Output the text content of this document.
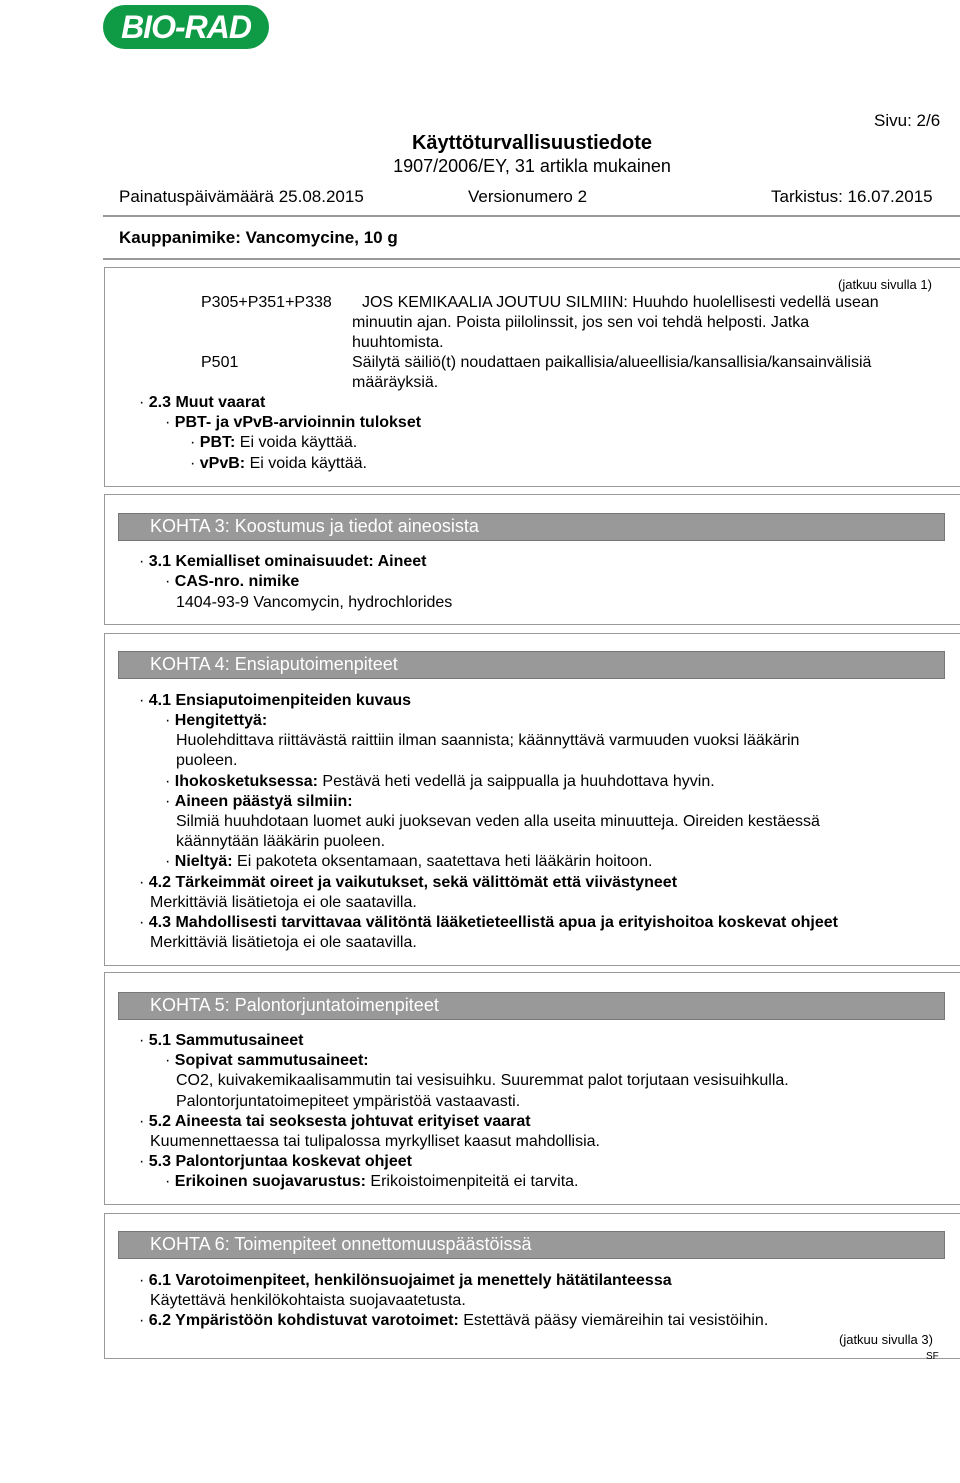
BIO-RAD
Sivu: 2/6
Käyttöturvallisuustiedote
1907/2006/EY, 31 artikla mukainen
Painatuspäivämäärä 25.08.2015	Versionumero 2	Tarkistus: 16.07.2015
Kauppanimike: Vancomycine, 10 g
(jatkuu sivulla 1)
P305+P351+P338 JOS KEMIKAALIA JOUTUU SILMIIN: Huuhdo huolellisesti vedellä usean
minuutin ajan. Poista piilolinssit, jos sen voi tehdä helposti. Jatka
huuhtomista.
P501	Säilytä säiliö(t) noudattaen paikallisia/alueellisia/kansallisia/kansainvälisiä
määräyksiä.
· 2.3 Muut vaarat
· PBT- ja vPvB-arvioinnin tulokset
· PBT: Ei voida käyttää.
· vPvB: Ei voida käyttää.
KOHTA 3: Koostumus ja tiedot aineosista
· 3.1 Kemialliset ominaisuudet: Aineet
· CAS-nro. nimike
1404-93-9 Vancomycin, hydrochlorides
KOHTA 4: Ensiaputoimenpiteet
· 4.1 Ensiaputoimenpiteiden kuvaus
· Hengitettyä:
Huolehdittava riittävästä raittiin ilman saannista; käännyttävä varmuuden vuoksi lääkärin
puoleen.
· Ihokosketuksessa: Pestävä heti vedellä ja saippualla ja huuhdottava hyvin.
· Aineen päästyä silmiin:
Silmiä huuhdotaan luomet auki juoksevan veden alla useita minuutteja. Oireiden kestäessä
käännytään lääkärin puoleen.
· Nieltyä: Ei pakoteta oksentamaan, saatettava heti lääkärin hoitoon.
· 4.2 Tärkeimmät oireet ja vaikutukset, sekä välittömät että viivästyneet
Merkittäviä lisätietoja ei ole saatavilla.
· 4.3 Mahdollisesti tarvittavaa välitöntä lääketieteellistä apua ja erityishoitoa koskevat ohjeet
Merkittäviä lisätietoja ei ole saatavilla.
KOHTA 5: Palontorjuntatoimenpiteet
· 5.1 Sammutusaineet
· Sopivat sammutusaineet:
CO2, kuivakemikaalisammutin tai vesisuihku. Suuremmat palot torjutaan vesisuihkulla.
Palontorjuntatoimepiteet ympäristöä vastaavasti.
· 5.2 Aineesta tai seoksesta johtuvat erityiset vaarat
Kuumennettaessa tai tulipalossa myrkylliset kaasut mahdollisia.
· 5.3 Palontorjuntaa koskevat ohjeet
· Erikoinen suojavarustus: Erikoistoimenpiteitä ei tarvita.
KOHTA 6: Toimenpiteet onnettomuuspäästöissä
· 6.1 Varotoimenpiteet, henkilönsuojaimet ja menettely hätätilanteessa
Käytettävä henkilökohtaista suojavaatetusta.
· 6.2 Ympäristöön kohdistuvat varotoimet: Estettävä pääsy viemäreihin tai vesistöihin.
(jatkuu sivulla 3)
SF
